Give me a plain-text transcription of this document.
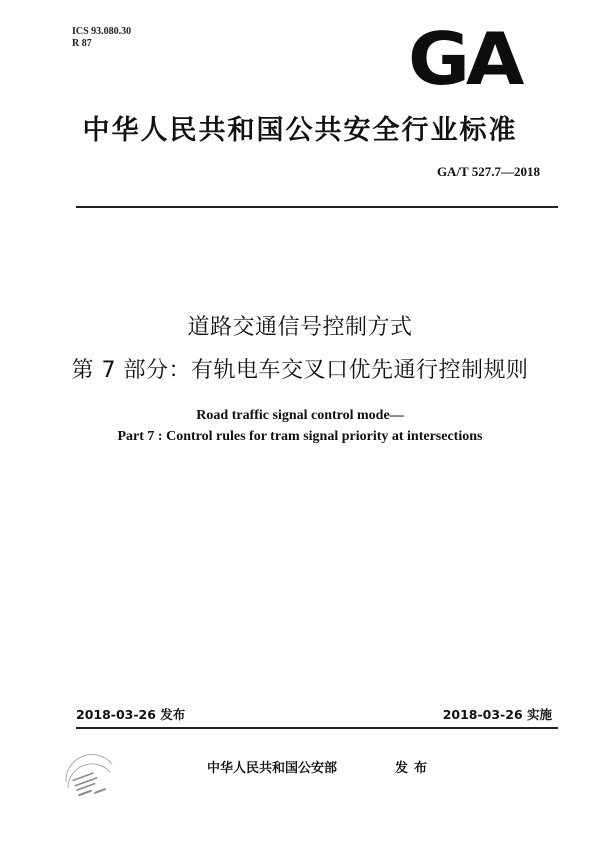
ICS 93.080.30
R 87	GA
中华人民共和国公共安全行业标准
GA/T 527.7—2018
道路交通信号控制方式
第 7 部分：有轨电车交叉口优先通行控制规则
Road traffic signal control mode—
Part 7 : Control rules for tram signal priority at intersections
2018-03-26 发布	2018-03-26 实施
中华人民共和国公安部	发布
